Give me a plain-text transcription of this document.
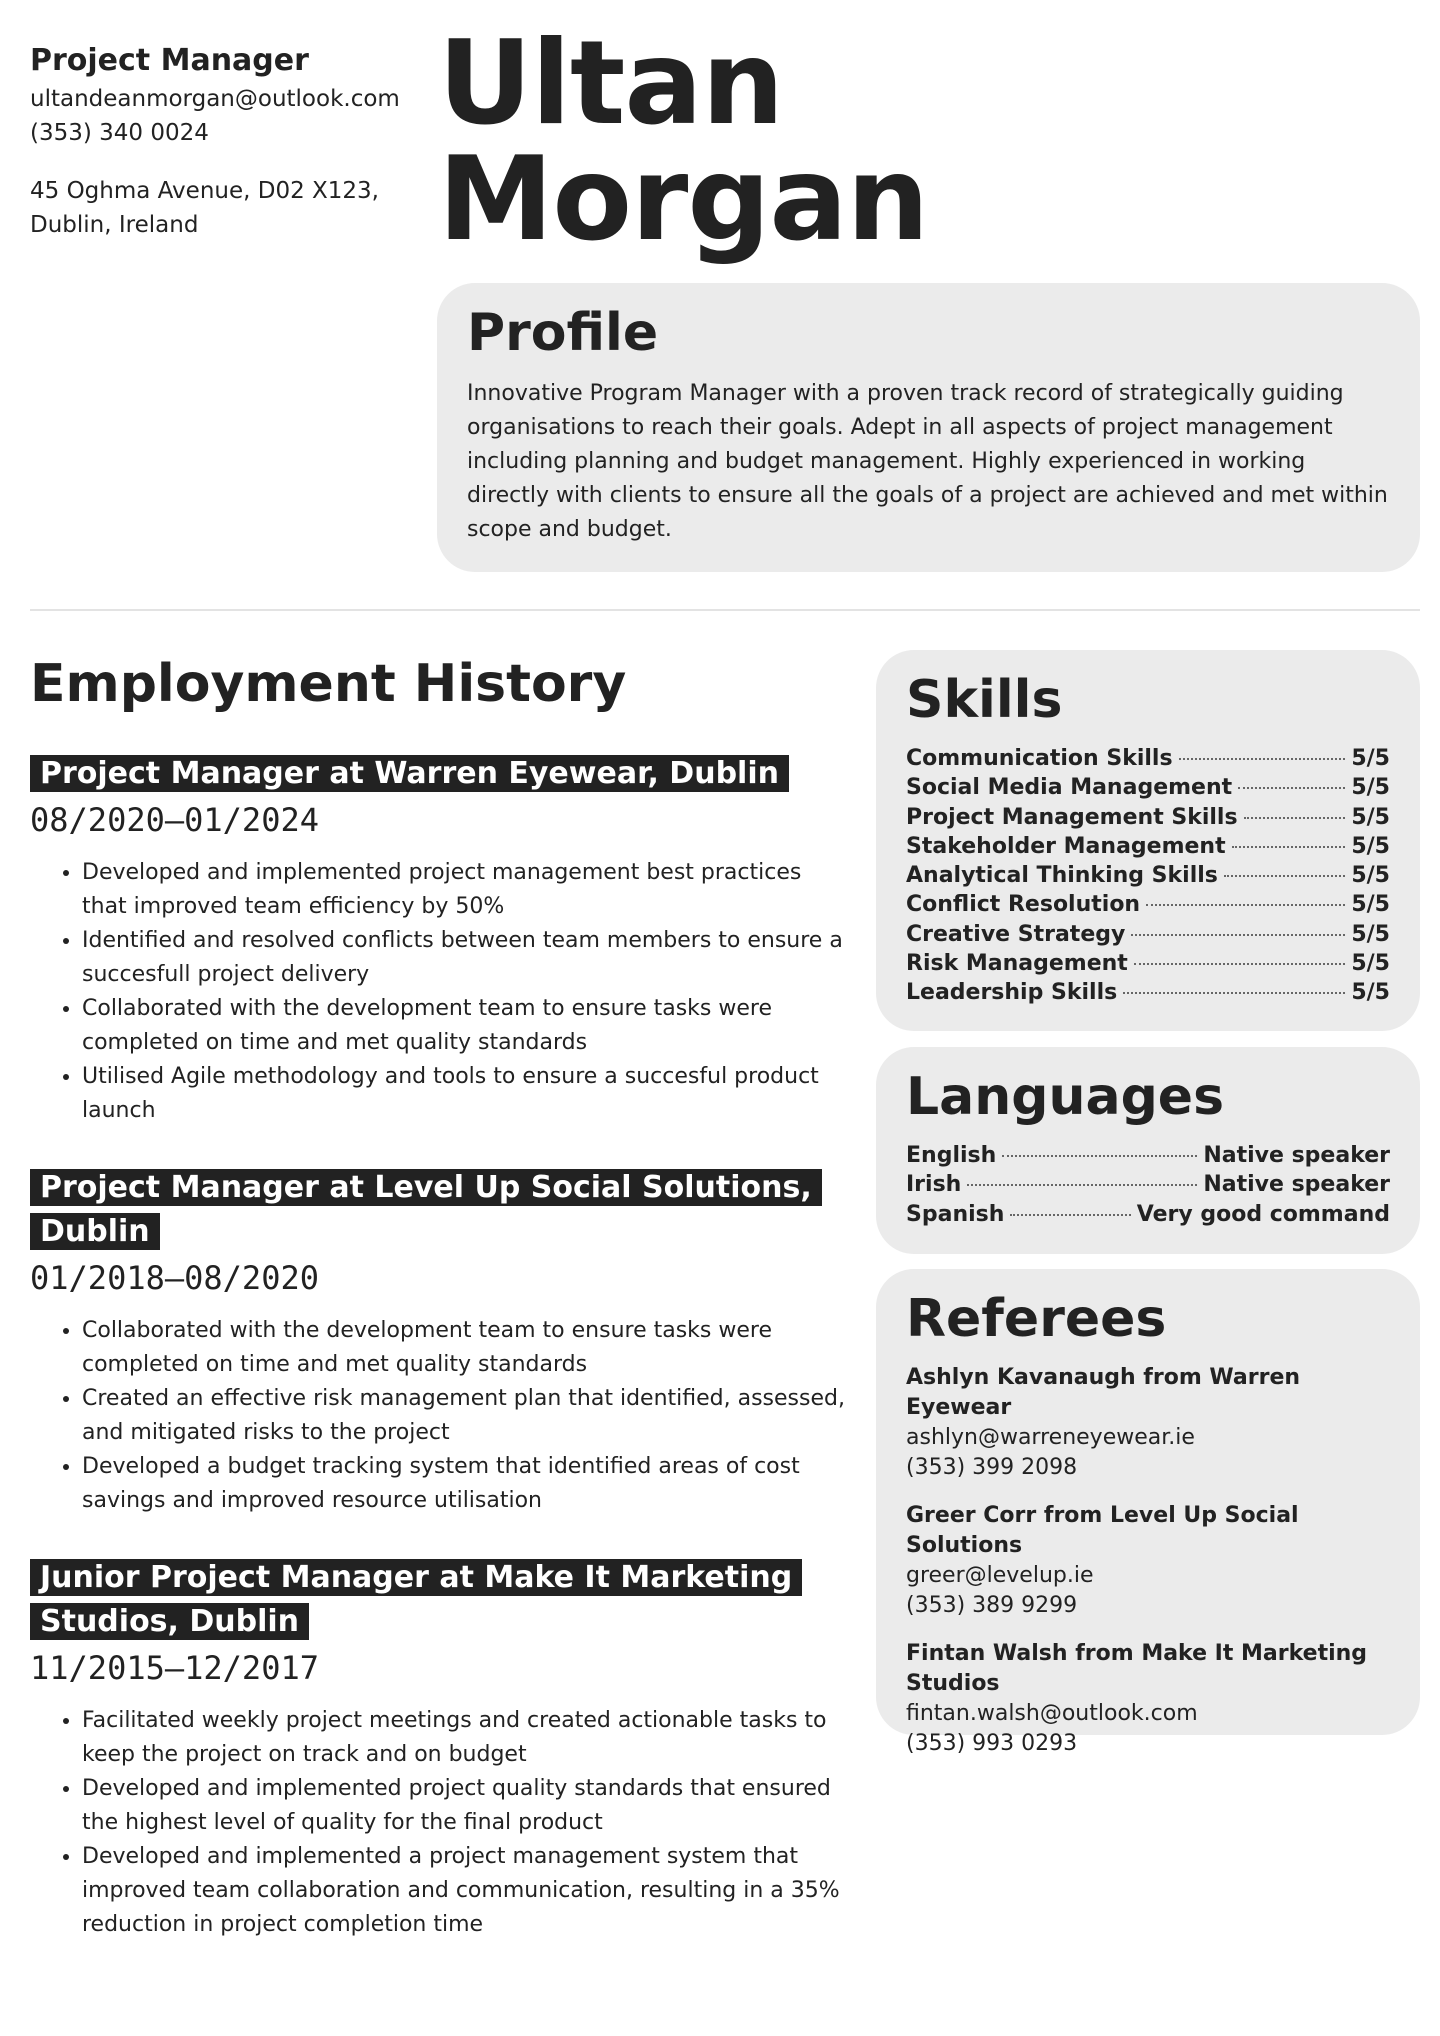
Project Manager
ultandeanmorgan@outlook.com
(353) 340 0024
45 Oghma Avenue, D02 X123,
Dublin, Ireland
Ultan
Morgan
Profile

Innovative Program Manager with a proven track record of strategically guiding organisations to reach their goals. Adept in all aspects of project management including planning and budget management. Highly experienced in working directly with clients to ensure all the goals of a project are achieved and met within scope and budget.

Employment History
Project Manager at Warren Eyewear, Dublin
08/2020—01/2024
• Developed and implemented project management best practices that improved team efficiency by 50%
• Identified and resolved conflicts between team members to ensure a succesfull project delivery
• Collaborated with the development team to ensure tasks were completed on time and met quality standards
• Utilised Agile methodology and tools to ensure a succesful product launch
Project Manager at Level Up Social Solutions, Dublin
01/2018—08/2020
• Collaborated with the development team to ensure tasks were completed on time and met quality standards
• Created an effective risk management plan that identified, assessed, and mitigated risks to the project
• Developed a budget tracking system that identified areas of cost savings and improved resource utilisation
Junior Project Manager at Make It Marketing Studios, Dublin
11/2015—12/2017
• Facilitated weekly project meetings and created actionable tasks to keep the project on track and on budget
• Developed and implemented project quality standards that ensured the highest level of quality for the final product
• Developed and implemented a project management system that improved team collaboration and communication, resulting in a 35% reduction in project completion time
Skills
Communication Skills	5/5
Social Media Management	5/5
Project Management Skills	5/5
Stakeholder Management	5/5
Analytical Thinking Skills	5/5
Conflict Resolution	5/5
Creative Strategy	5/5
Risk Management	5/5
Leadership Skills	5/5
Languages
English	Native speaker
Irish	Native speaker
Spanish	Very good command
Referees
Ashlyn Kavanaugh from Warren Eyewear
ashlyn@warreneyewear.ie
(353) 399 2098
Greer Corr from Level Up Social Solutions
greer@levelup.ie
(353) 389 9299
Fintan Walsh from Make It Marketing Studios
fintan.walsh@outlook.com
(353) 993 0293
